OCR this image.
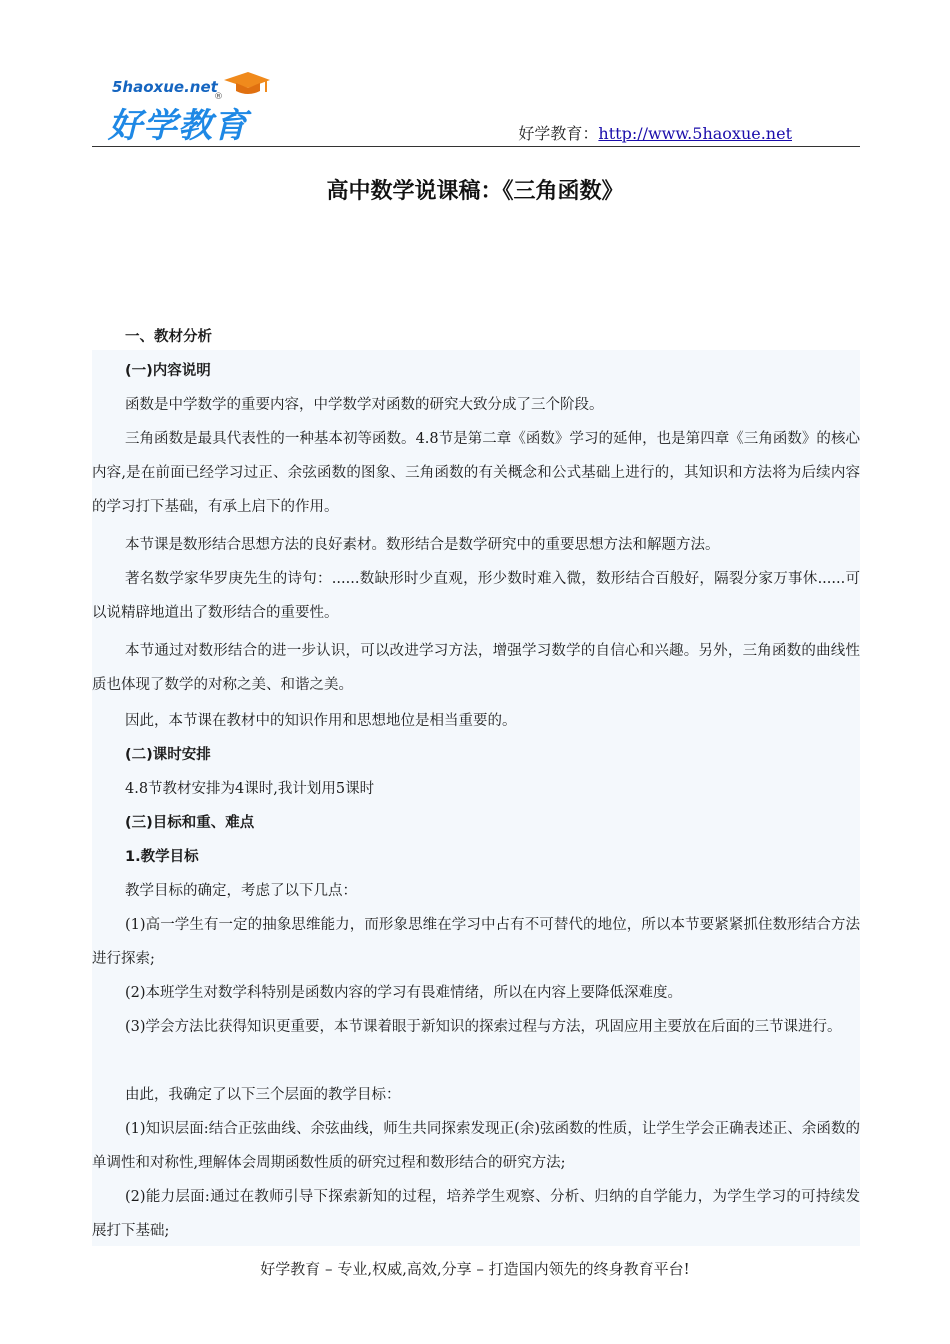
5haoxue.net
®
好学教育	好学教育：http://www.5haoxue.net
高中数学说课稿：《三角函数》
一、教材分析
(一)内容说明

函数是中学数学的重要内容，中学数学对函数的研究大致分成了三个阶段。

三角函数是最具代表性的一种基本初等函数。4.8节是第二章《函数》学习的延伸，也是第四章《三角函数》的核心内容,是在前面已经学习过正、余弦函数的图象、三角函数的有关概念和公式基础上进行的，其知识和方法将为后续内容的学习打下基础，有承上启下的作用。

本节课是数形结合思想方法的良好素材。数形结合是数学研究中的重要思想方法和解题方法。

著名数学家华罗庚先生的诗句：......数缺形时少直观，形少数时难入微，数形结合百般好，隔裂分家万事休......可以说精辟地道出了数形结合的重要性。

本节通过对数形结合的进一步认识，可以改进学习方法，增强学习数学的自信心和兴趣。另外，三角函数的曲线性质也体现了数学的对称之美、和谐之美。

因此，本节课在教材中的知识作用和思想地位是相当重要的。

(二)课时安排

4.8节教材安排为4课时,我计划用5课时

(三)目标和重、难点
1.教学目标

教学目标的确定，考虑了以下几点：

(1)高一学生有一定的抽象思维能力，而形象思维在学习中占有不可替代的地位，所以本节要紧紧抓住数形结合方法进行探索;

(2)本班学生对数学科特别是函数内容的学习有畏难情绪，所以在内容上要降低深难度。

(3)学会方法比获得知识更重要，本节课着眼于新知识的探索过程与方法，巩固应用主要放在后面的三节课进行。

由此，我确定了以下三个层面的教学目标：

(1)知识层面:结合正弦曲线、余弦曲线，师生共同探索发现正(余)弦函数的性质，让学生学会正确表述正、余函数的单调性和对称性,理解体会周期函数性质的研究过程和数形结合的研究方法;

(2)能力层面:通过在教师引导下探索新知的过程，培养学生观察、分析、归纳的自学能力，为学生学习的可持续发展打下基础;

好学教育 – 专业,权威,高效,分享 – 打造国内领先的终身教育平台!
